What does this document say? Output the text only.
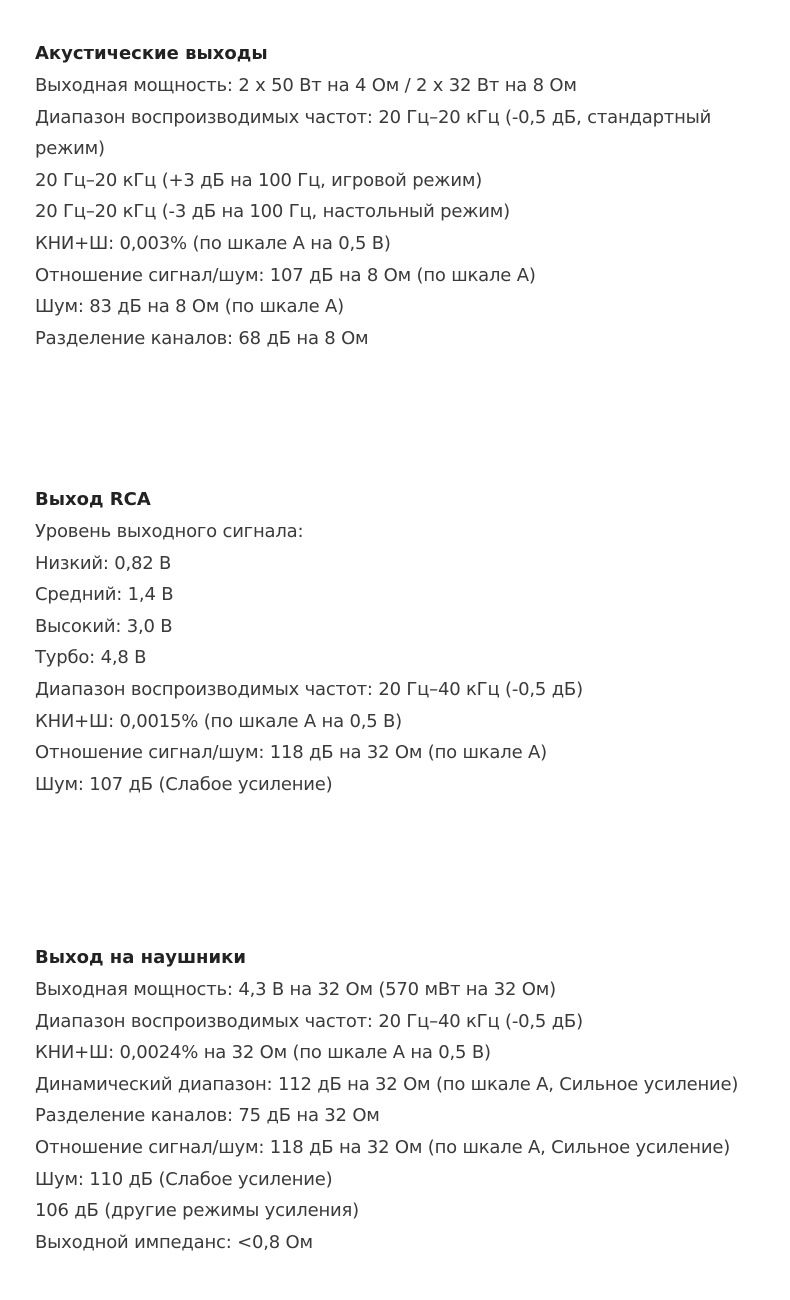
Акустические выходы
Выходная мощность: 2 x 50 Вт на 4 Ом / 2 x 32 Вт на 8 Ом
Диапазон воспроизводимых частот: 20 Гц–20 кГц (-0,5 дБ, стандартный режим)
20 Гц–20 кГц (+3 дБ на 100 Гц, игровой режим)
20 Гц–20 кГц (-3 дБ на 100 Гц, настольный режим)
КНИ+Ш: 0,003% (по шкале A на 0,5 В)
Отношение сигнал/шум: 107 дБ на 8 Ом (по шкале A)
Шум: 83 дБ на 8 Ом (по шкале A)
Разделение каналов: 68 дБ на 8 Ом
Выход RCA
Уровень выходного сигнала:
Низкий: 0,82 В
Средний: 1,4 В
Высокий: 3,0 В
Турбо: 4,8 В
Диапазон воспроизводимых частот: 20 Гц–40 кГц (-0,5 дБ)
КНИ+Ш: 0,0015% (по шкале A на 0,5 В)
Отношение сигнал/шум: 118 дБ на 32 Ом (по шкале A)
Шум: 107 дБ (Слабое усиление)
Выход на наушники
Выходная мощность: 4,3 В на 32 Ом (570 мВт на 32 Ом)
Диапазон воспроизводимых частот: 20 Гц–40 кГц (-0,5 дБ)
КНИ+Ш: 0,0024% на 32 Ом (по шкале A на 0,5 В)
Динамический диапазон: 112 дБ на 32 Ом (по шкале A, Сильное усиление)
Разделение каналов: 75 дБ на 32 Ом
Отношение сигнал/шум: 118 дБ на 32 Ом (по шкале A, Сильное усиление)
Шум: 110 дБ (Слабое усиление)
106 дБ (другие режимы усиления)
Выходной импеданс: <0,8 Ом
